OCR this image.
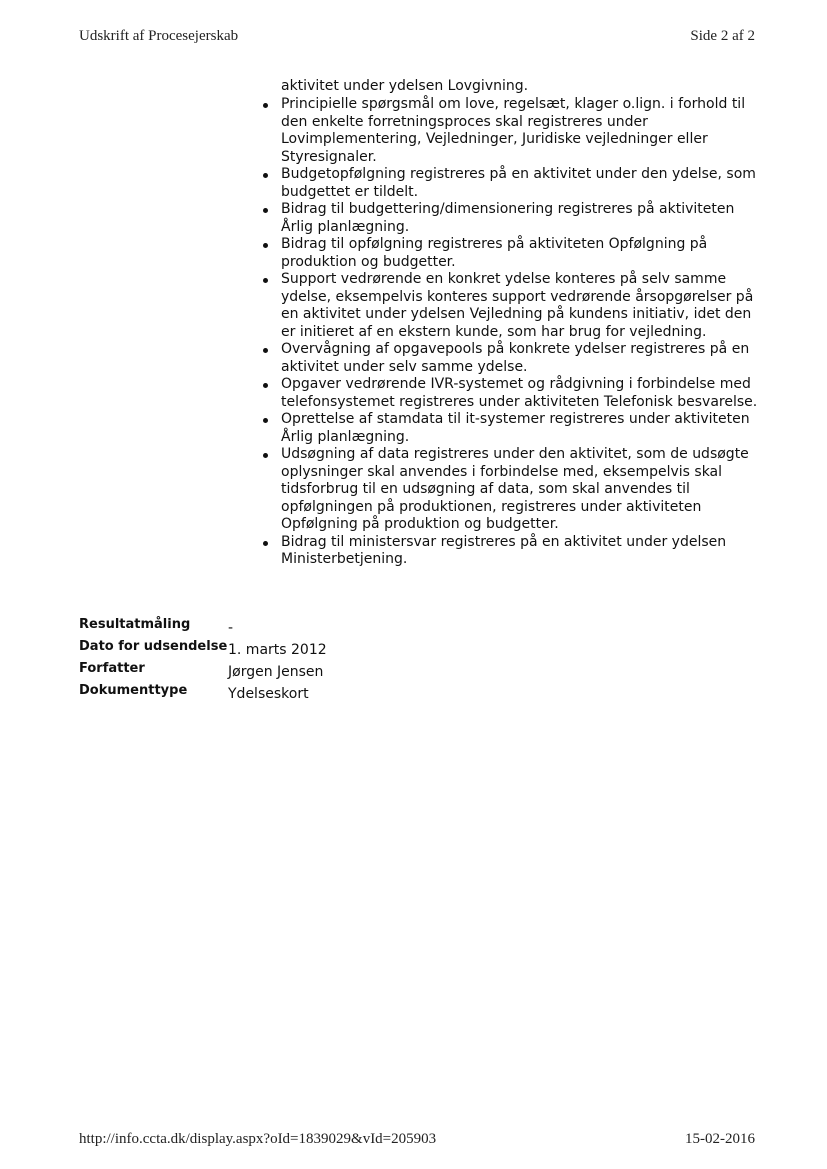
Udskrift af Procesejerskab	Side 2 af 2
aktivitet under ydelsen Lovgivning.
Principielle spørgsmål om love, regelsæt, klager o.lign. i forhold til den enkelte forretningsproces skal registreres under Lovimplementering, Vejledninger, Juridiske vejledninger eller Styresignaler.
Budgetopfølgning registreres på en aktivitet under den ydelse, som budgettet er tildelt.
Bidrag til budgettering/dimensionering registreres på aktiviteten Årlig planlægning.
Bidrag til opfølgning registreres på aktiviteten Opfølgning på produktion og budgetter.
Support vedrørende en konkret ydelse konteres på selv samme ydelse, eksempelvis konteres support vedrørende årsopgørelser på en aktivitet under ydelsen Vejledning på kundens initiativ, idet den er initieret af en ekstern kunde, som har brug for vejledning.
Overvågning af opgavepools på konkrete ydelser registreres på en aktivitet under selv samme ydelse.
Opgaver vedrørende IVR-systemet og rådgivning i forbindelse med telefonsystemet registreres under aktiviteten Telefonisk besvarelse.
Oprettelse af stamdata til it-systemer registreres under aktiviteten Årlig planlægning.
Udsøgning af data registreres under den aktivitet, som de udsøgte oplysninger skal anvendes i forbindelse med, eksempelvis skal tidsforbrug til en udsøgning af data, som skal anvendes til opfølgningen på produktionen, registreres under aktiviteten Opfølgning på produktion og budgetter.
Bidrag til ministersvar registreres på en aktivitet under ydelsen Ministerbetjening.
Resultatmåling	-
Dato for udsendelse 1. marts 2012
Forfatter	Jørgen Jensen
Dokumenttype	Ydelseskort
http://info.ccta.dk/display.aspx?oId=1839029&vId=205903	15-02-2016
